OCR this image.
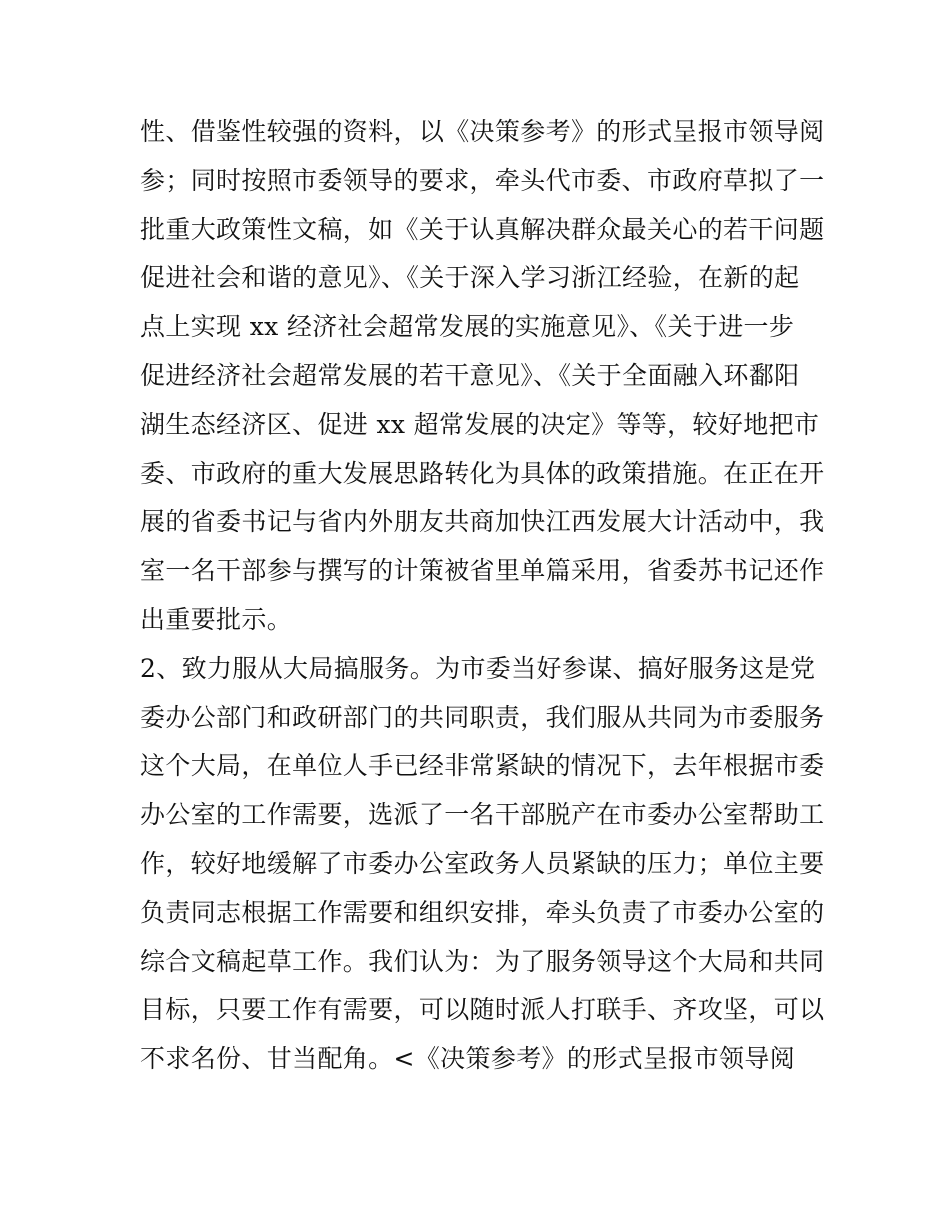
性、借鉴性较强的资料，以《决策参考》的形式呈报市领导阅
参；同时按照市委领导的要求，牵头代市委、市政府草拟了一
批重大政策性文稿，如《关于认真解决群众最关心的若干问题
促进社会和谐的意见》、《关于深入学习浙江经验，在新的起
点上实现 xx 经济社会超常发展的实施意见》、《关于进一步
促进经济社会超常发展的若干意见》、《关于全面融入环鄱阳
湖生态经济区、促进 xx 超常发展的决定》等等，较好地把市
委、市政府的重大发展思路转化为具体的政策措施。在正在开
展的省委书记与省内外朋友共商加快江西发展大计活动中，我
室一名干部参与撰写的计策被省里单篇采用，省委苏书记还作
出重要批示。
2、致力服从大局搞服务。为市委当好参谋、搞好服务这是党
委办公部门和政研部门的共同职责，我们服从共同为市委服务
这个大局，在单位人手已经非常紧缺的情况下，去年根据市委
办公室的工作需要，选派了一名干部脱产在市委办公室帮助工
作，较好地缓解了市委办公室政务人员紧缺的压力；单位主要
负责同志根据工作需要和组织安排，牵头负责了市委办公室的
综合文稿起草工作。我们认为：为了服务领导这个大局和共同
目标，只要工作有需要，可以随时派人打联手、齐攻坚，可以
不求名份、甘当配角。<《决策参考》的形式呈报市领导阅
